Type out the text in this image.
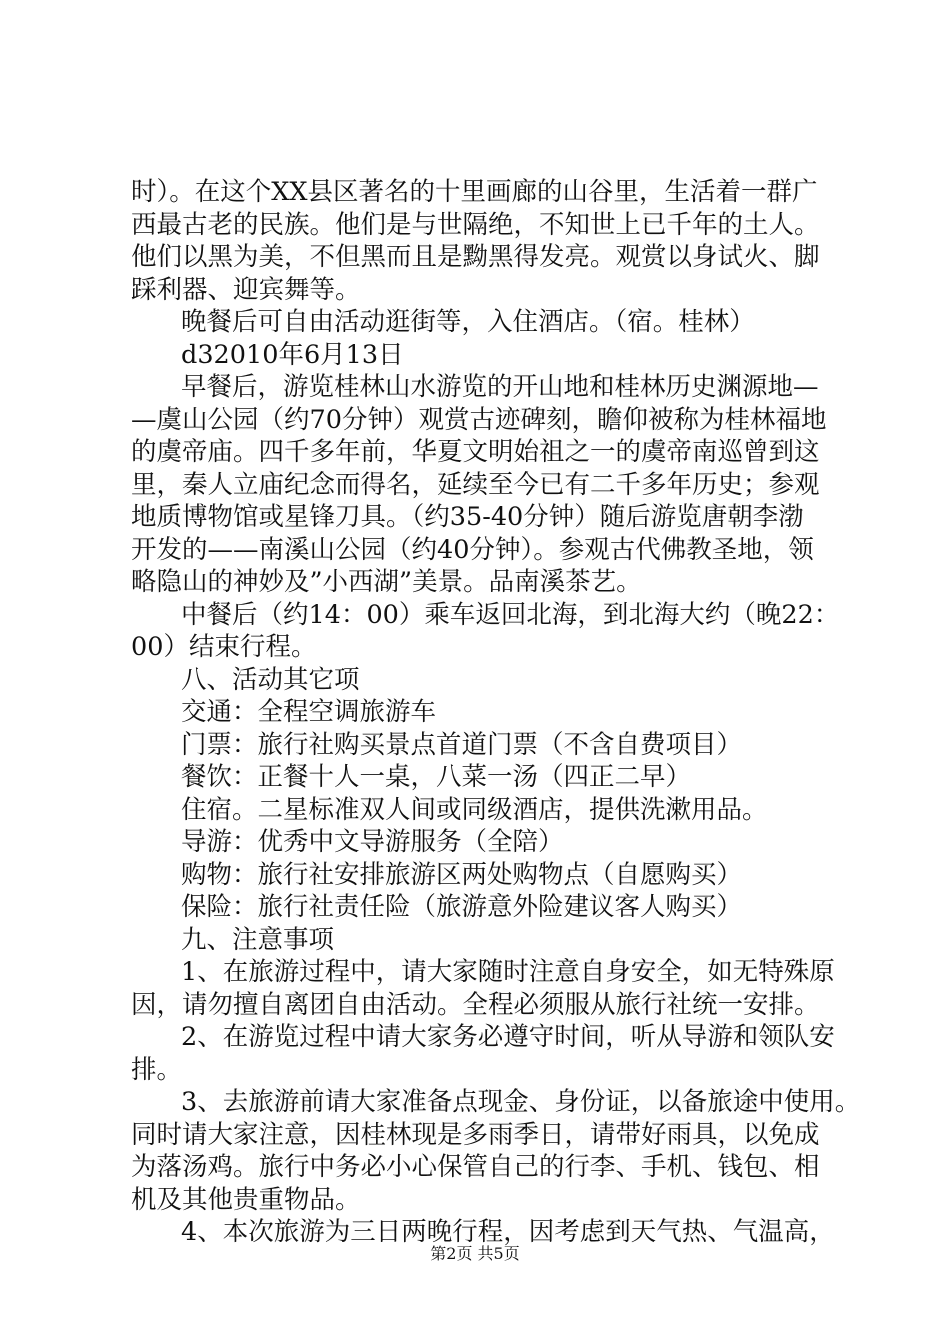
时）。在这个XX县区著名的十里画廊的山谷里，生活着一群广
西最古老的民族。他们是与世隔绝，不知世上已千年的土人。
他们以黑为美，不但黑而且是黝黑得发亮。观赏以身试火、脚
踩利器、迎宾舞等。
晚餐后可自由活动逛街等，入住酒店。（宿。桂林）
d32010年6月13日
早餐后，游览桂林山水游览的开山地和桂林历史渊源地—
—虞山公园（约70分钟）观赏古迹碑刻，瞻仰被称为桂林福地
的虞帝庙。四千多年前，华夏文明始祖之一的虞帝南巡曾到这
里，秦人立庙纪念而得名，延续至今已有二千多年历史；参观
地质博物馆或星锋刀具。（约35-40分钟）随后游览唐朝李渤
开发的——南溪山公园（约40分钟）。参观古代佛教圣地，领
略隐山的神妙及”小西湖”美景。品南溪茶艺。
中餐后（约14：00）乘车返回北海，到北海大约（晚22：
00）结束行程。
八、活动其它项
交通：全程空调旅游车
门票：旅行社购买景点首道门票（不含自费项目）
餐饮：正餐十人一桌，八菜一汤（四正二早）
住宿。二星标准双人间或同级酒店，提供洗漱用品。
导游：优秀中文导游服务（全陪）
购物：旅行社安排旅游区两处购物点（自愿购买）
保险：旅行社责任险（旅游意外险建议客人购买）
九、注意事项
1、在旅游过程中，请大家随时注意自身安全，如无特殊原
因，请勿擅自离团自由活动。全程必须服从旅行社统一安排。
2、在游览过程中请大家务必遵守时间，听从导游和领队安
排。
3、去旅游前请大家准备点现金、身份证，以备旅途中使用。
同时请大家注意，因桂林现是多雨季日，请带好雨具，以免成
为落汤鸡。旅行中务必小心保管自己的行李、手机、钱包、相
机及其他贵重物品。
4、本次旅游为三日两晚行程，因考虑到天气热、气温高，
第2页 共5页
